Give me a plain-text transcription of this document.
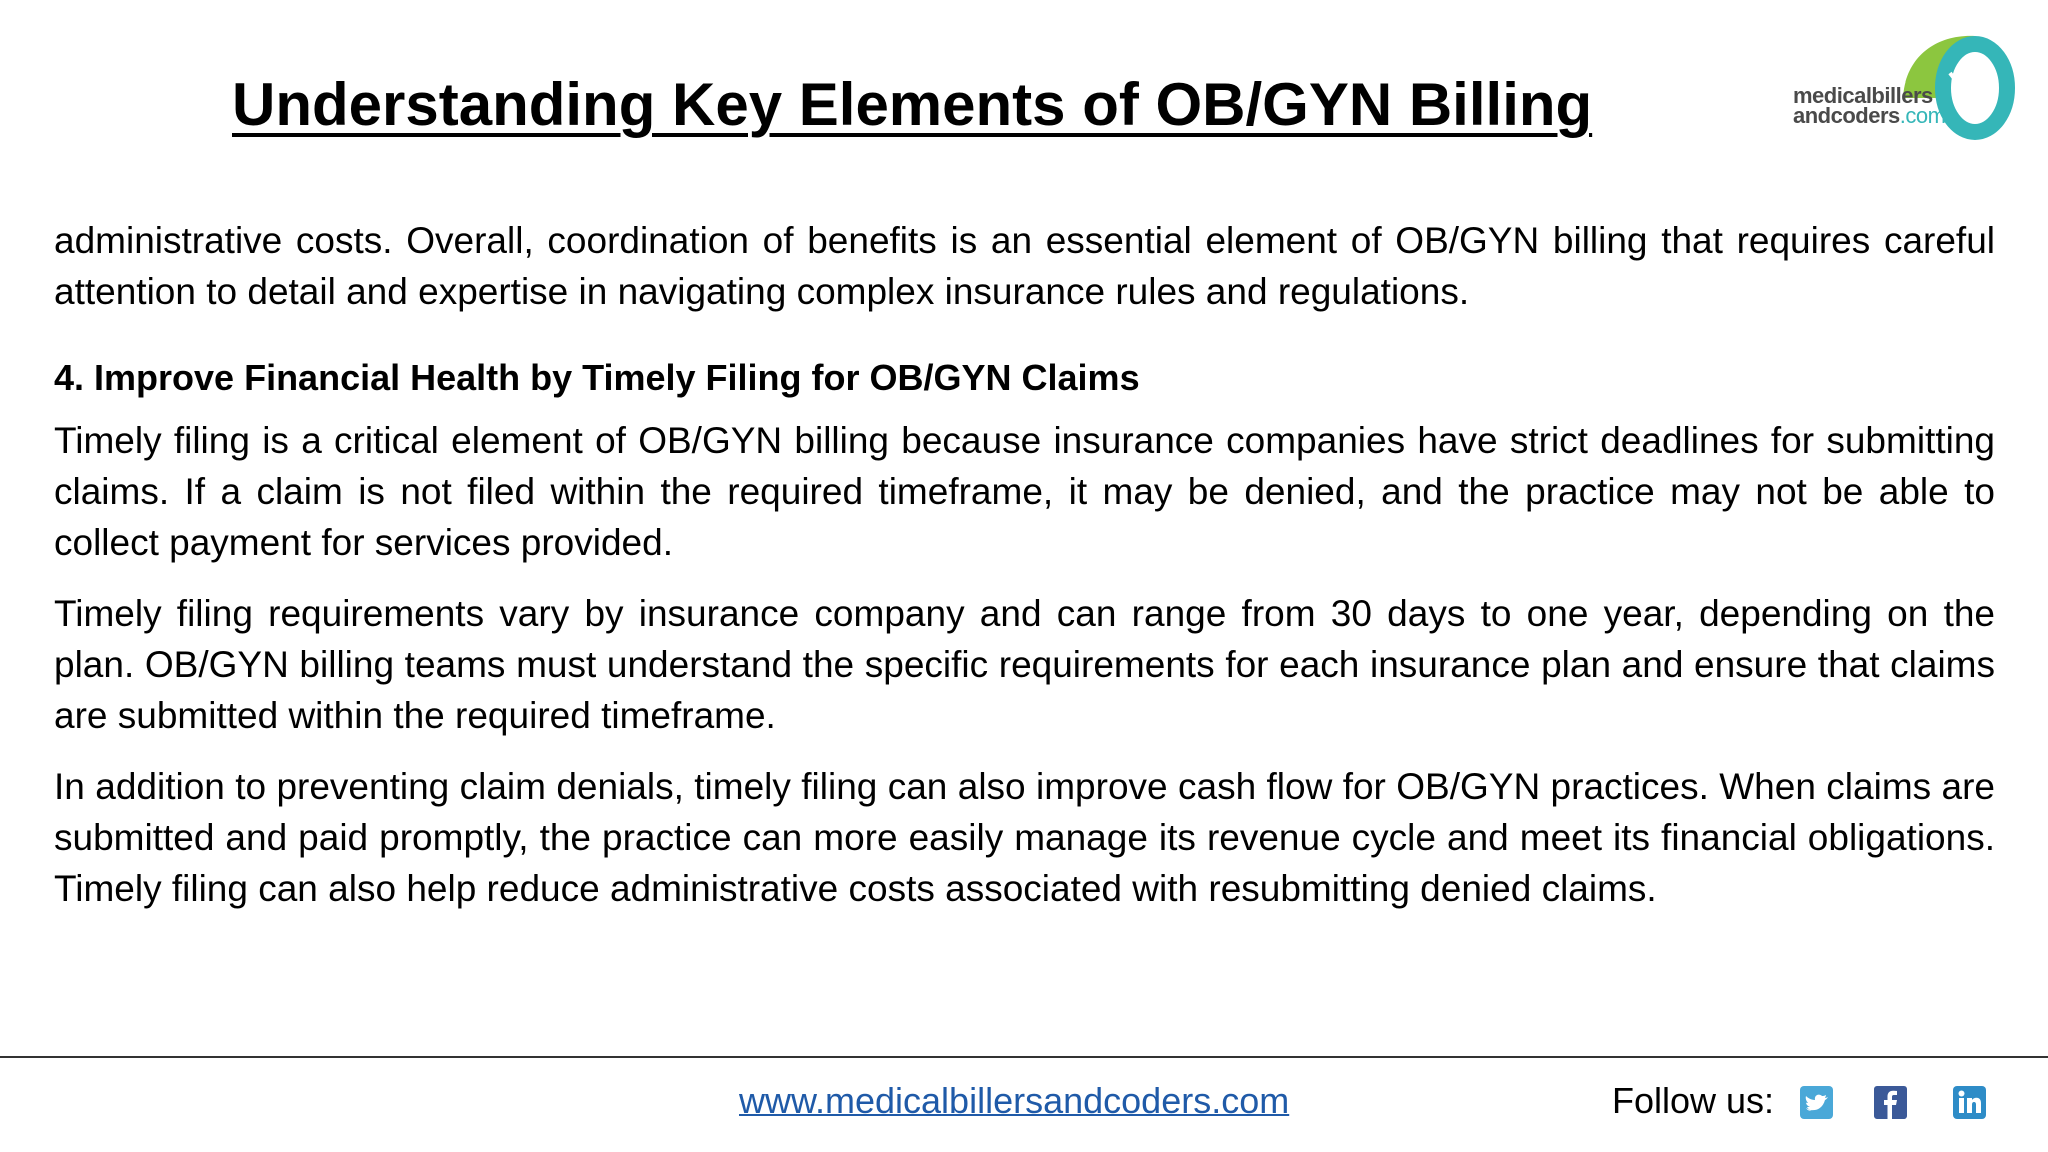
Understanding Key Elements of OB/GYN Billing	medicalbillers
andcoders.com

administrative costs. Overall, coordination of benefits is an essential element of OB/GYN billing that requires careful attention to detail and expertise in navigating complex insurance rules and regulations.

4. Improve Financial Health by Timely Filing for OB/GYN Claims

Timely filing is a critical element of OB/GYN billing because insurance companies have strict deadlines for submitting claims. If a claim is not filed within the required timeframe, it may be denied, and the practice may not be able to collect payment for services provided.

Timely filing requirements vary by insurance company and can range from 30 days to one year, depending on the plan. OB/GYN billing teams must understand the specific requirements for each insurance plan and ensure that claims are submitted within the required timeframe.

In addition to preventing claim denials, timely filing can also improve cash flow for OB/GYN practices. When claims are submitted and paid promptly, the practice can more easily manage its revenue cycle and meet its financial obligations. Timely filing can also help reduce administrative costs associated with resubmitting denied claims.

www.medicalbillersandcoders.com	Follow us:
